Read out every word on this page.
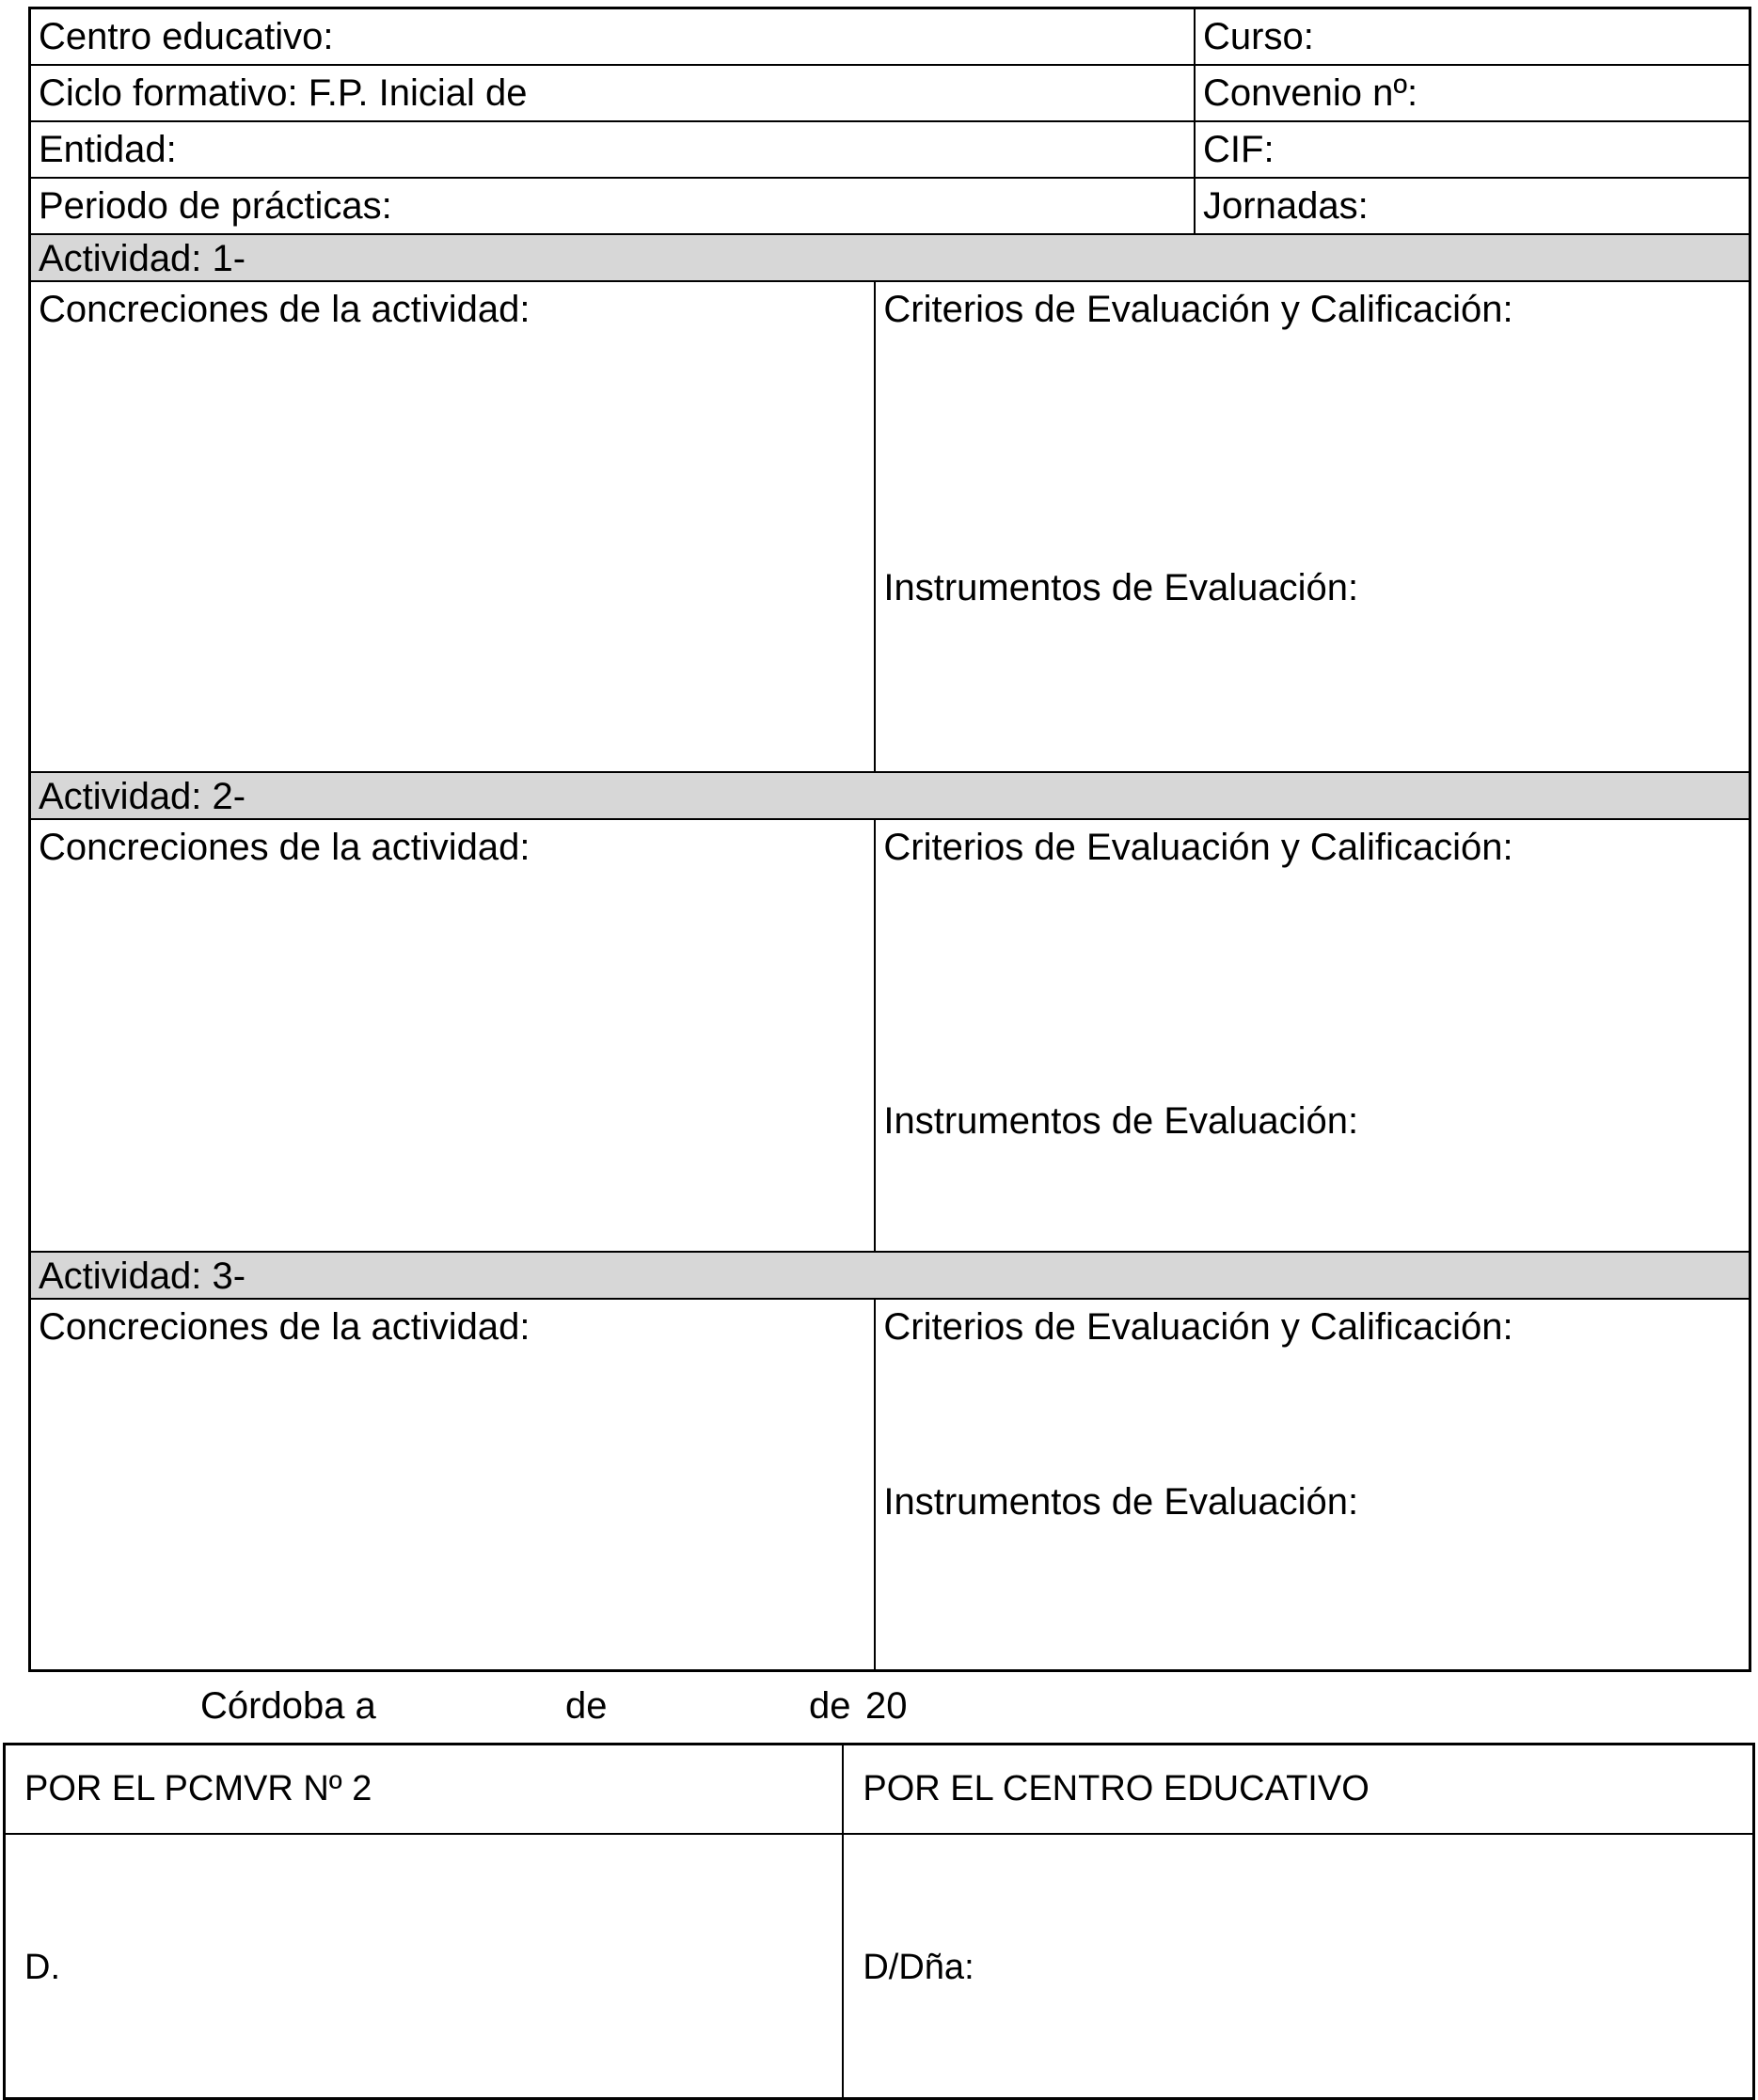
Centro educativo:	Curso:
Ciclo formativo: F.P. Inicial de	Convenio nº:
Entidad:	CIF:
Periodo de prácticas:	Jornadas:
Actividad: 1-
Concreciones de la actividad:	Criterios de Evaluación y Calificación:
Instrumentos de Evaluación:
Actividad: 2-
Concreciones de la actividad:	Criterios de Evaluación y Calificación:
Instrumentos de Evaluación:
Actividad: 3-
Concreciones de la actividad:	Criterios de Evaluación y Calificación:
Instrumentos de Evaluación:
Córdoba a	de	de 20
POR EL PCMVR Nº 2	POR EL CENTRO EDUCATIVO
D.	D/Dña:
